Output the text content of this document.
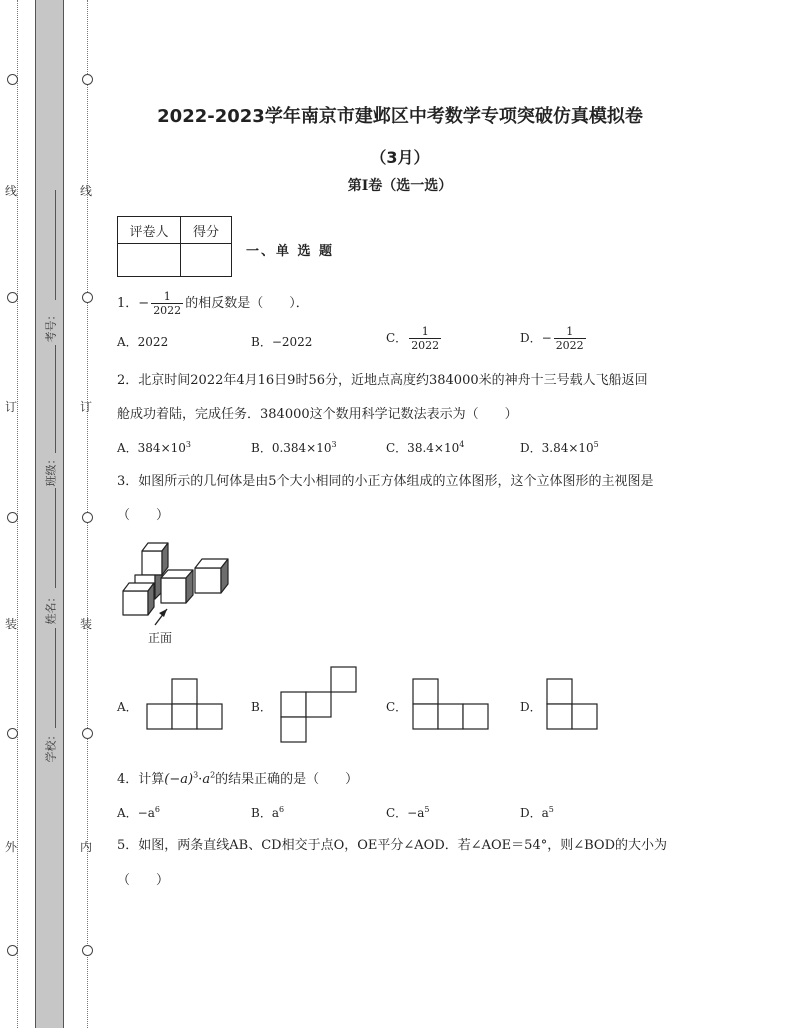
线
订
装
外
线
订
装
内
考号：
班级：
姓名：
学校：
2022-2023学年南京市建邺区中考数学专项突破仿真模拟卷
（3月）
第I卷（选一选）
评卷人	得分

一、单 选 题
1．− $\frac{1}{2022}$ 的相反数是（　　）．
A．2022	B．−2022	C． $\frac{1}{2022}$	D．− $\frac{1}{2022}$
2．北京时间2022年4月16日9时56分，近地点高度约384000米的神舟十三号载人飞船返回
舱成功着陆，完成任务．384000这个数用科学记数法表示为（　　）
A．$384\times 10^3$	B．$0.384\times 10^3$	C．$38.4\times 10^4$	D．$3.84\times 10^5$
3．如图所示的几何体是由5个大小相同的小正方体组成的立体图形，这个立体图形的主视图是
（　　）
正面
A．	B．	C．	D．
4．计算$(-a)^3\cdot a^2$的结果正确的是（　　）
A．$-a^6$	B．$a^6$	C．$-a^5$	D．$a^5$
5．如图，两条直线AB、CD相交于点O，OE平分∠AOD．若∠AOE＝54°，则∠BOD的大小为
（　　）
